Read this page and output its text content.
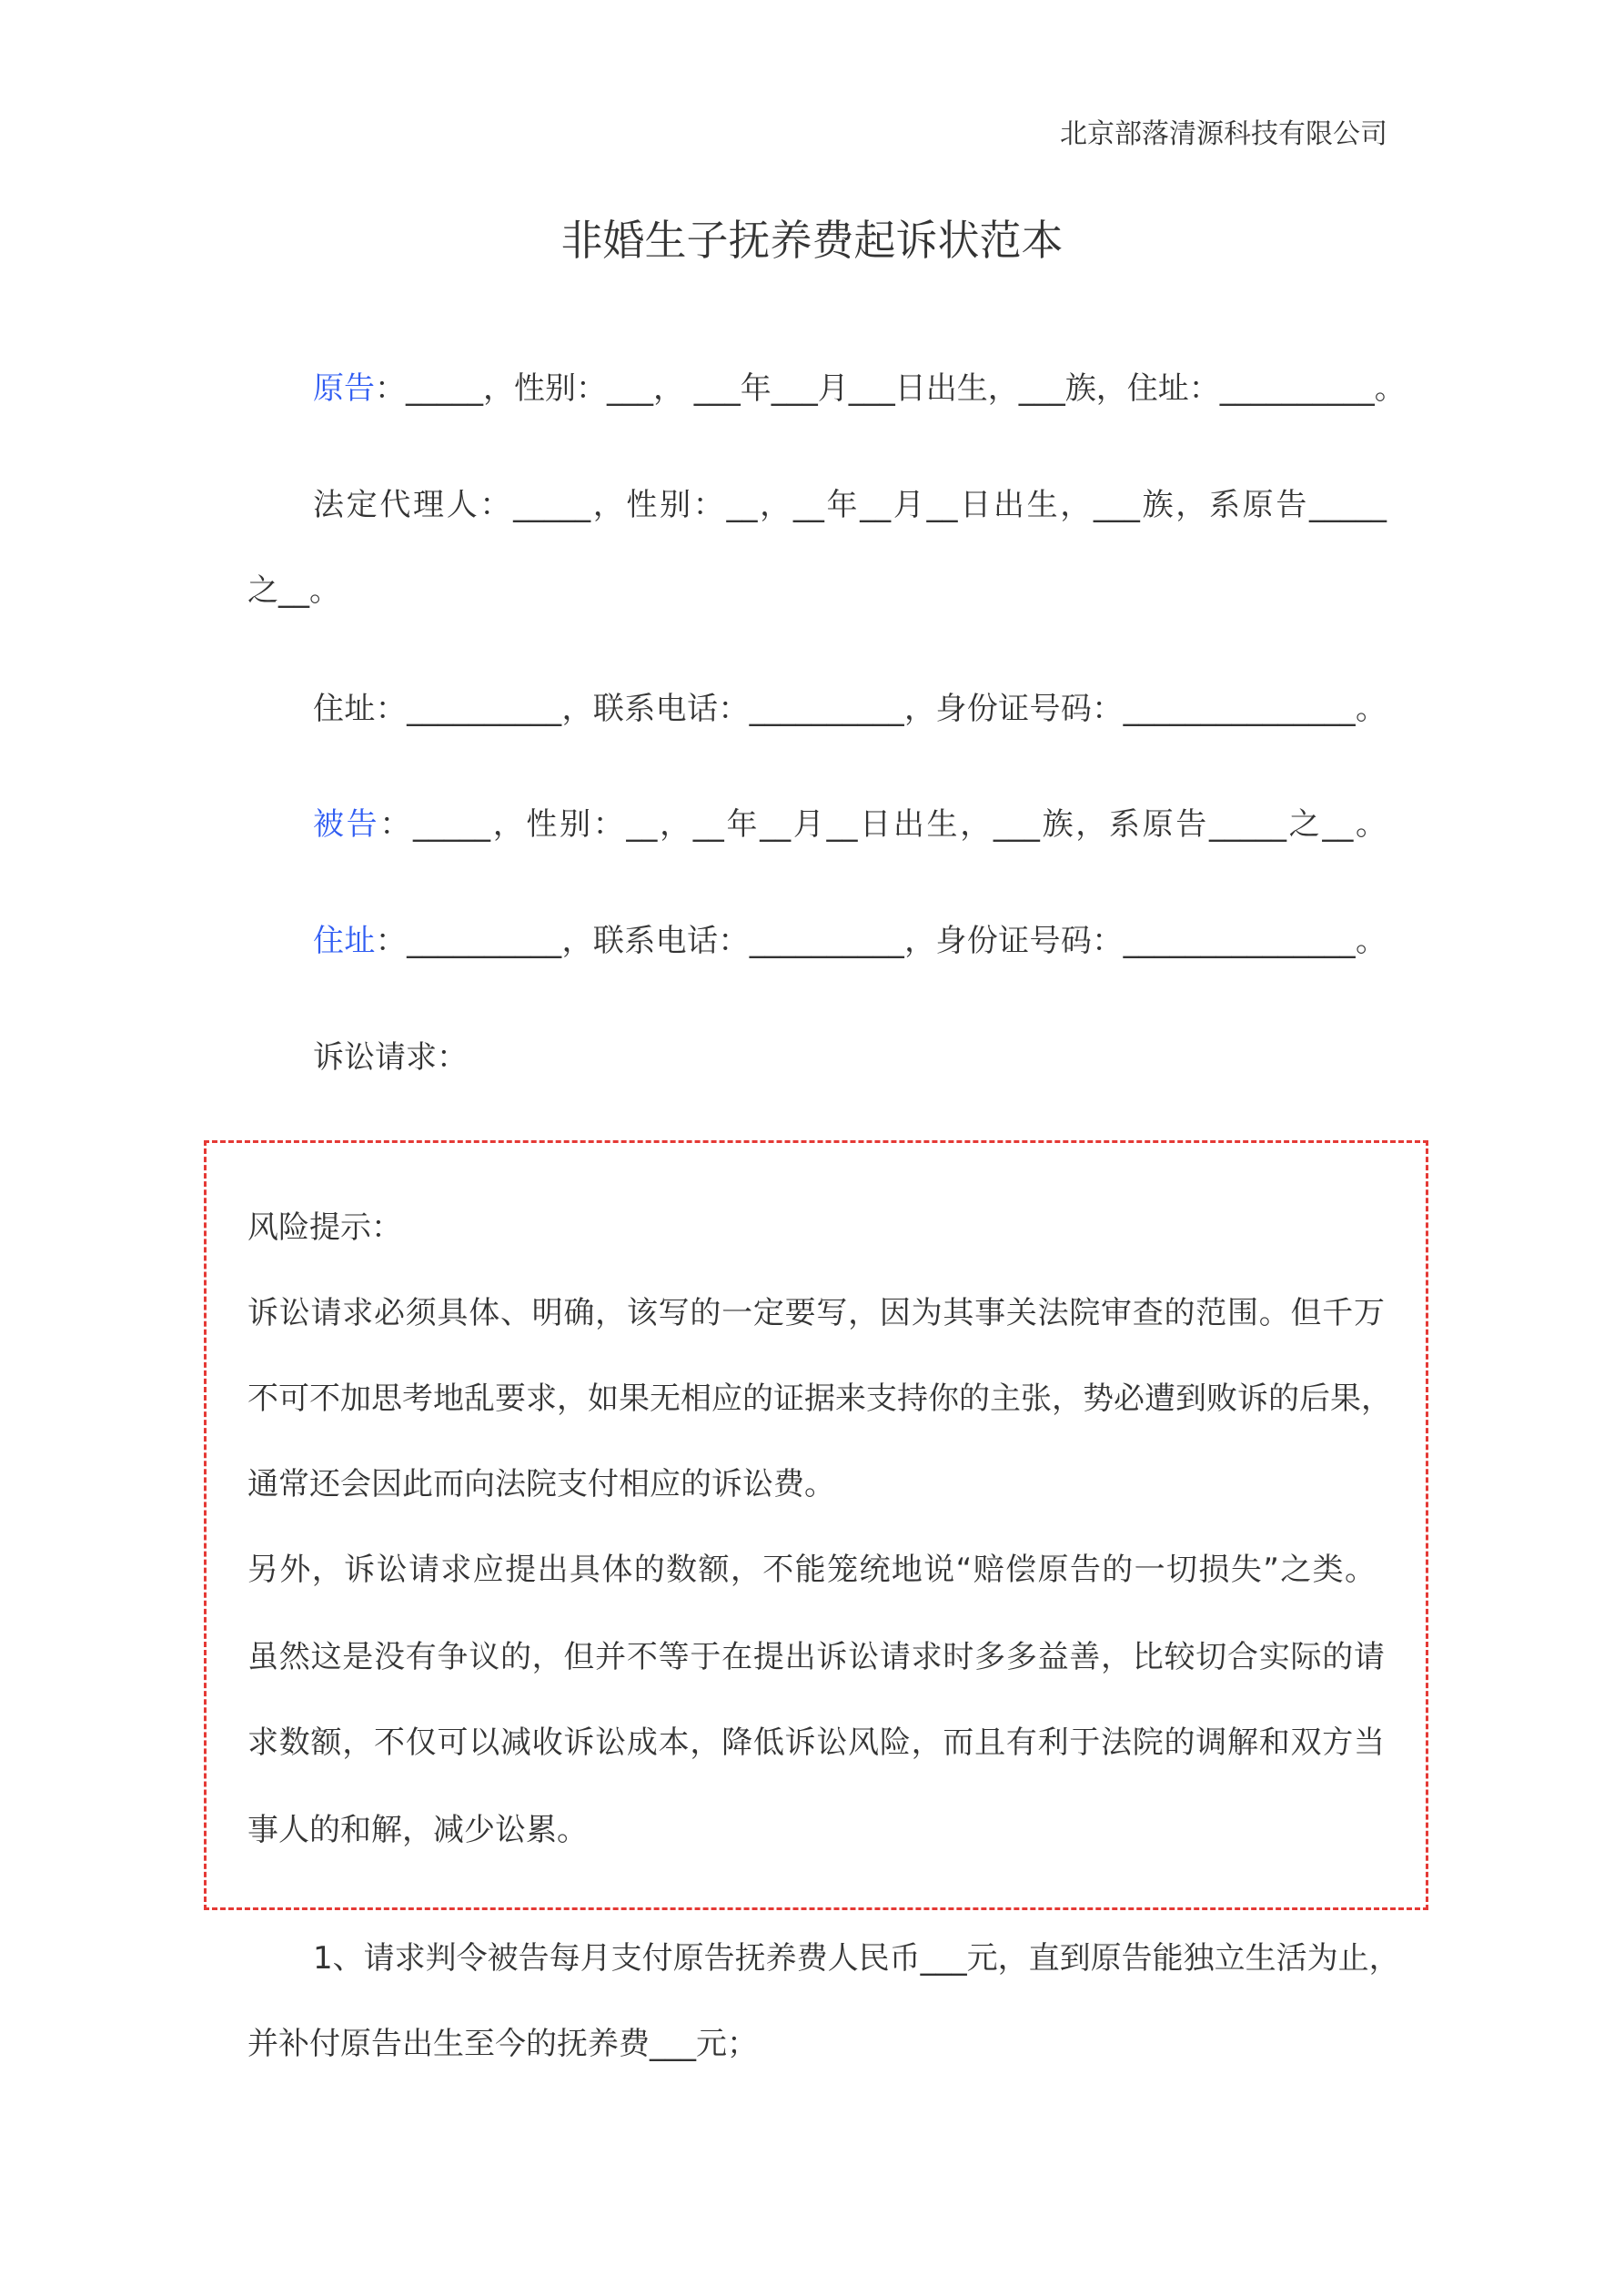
北京部落清源科技有限公司
非婚生子抚养费起诉状范本
原告：_____，性别：___， ___年___月___日出生，___族，住址：__________。
法定代理人：_____，性别：__，__年__月__日出生，___族，系原告_____
之__。
住址：__________，联系电话：__________，身份证号码：_______________。
被告：_____，性别：__，__年__月__日出生，___族，系原告_____之__。
住址：__________，联系电话：__________，身份证号码：_______________。
诉讼请求：
风险提示：
诉讼请求必须具体、明确，该写的一定要写，因为其事关法院审查的范围。但千万
不可不加思考地乱要求，如果无相应的证据来支持你的主张，势必遭到败诉的后果，
通常还会因此而向法院支付相应的诉讼费。
另外，诉讼请求应提出具体的数额，不能笼统地说“赔偿原告的一切损失”之类。
虽然这是没有争议的，但并不等于在提出诉讼请求时多多益善，比较切合实际的请
求数额，不仅可以减收诉讼成本，降低诉讼风险，而且有利于法院的调解和双方当
事人的和解，减少讼累。
1、请求判令被告每月支付原告抚养费人民币___元，直到原告能独立生活为止，
并补付原告出生至今的抚养费___元；
